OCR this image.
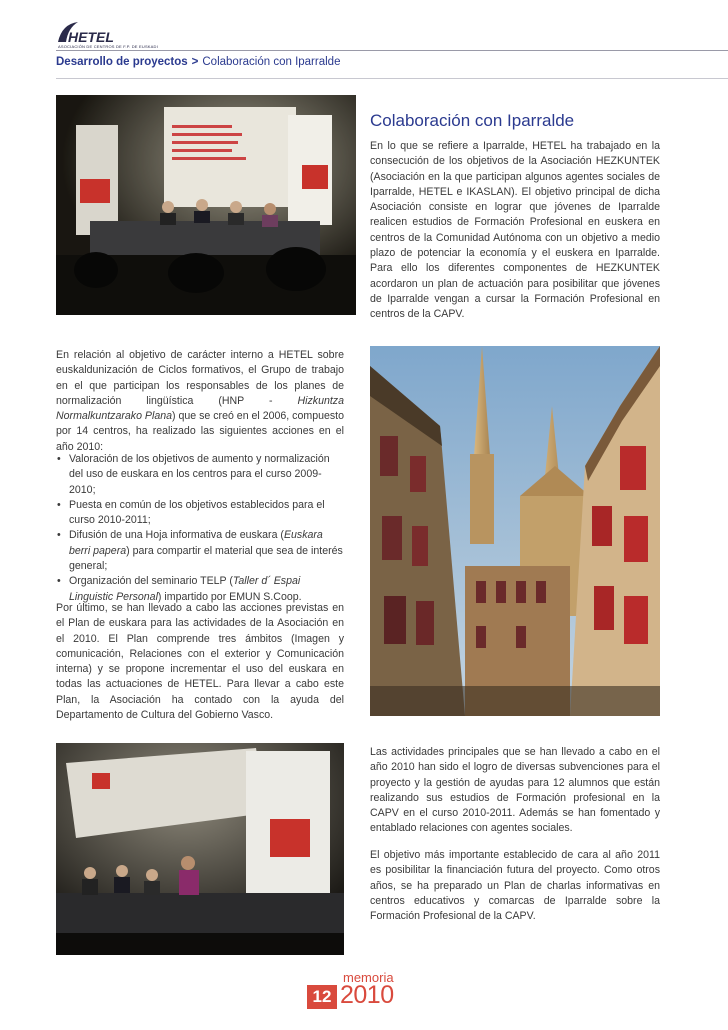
HETEL
ASOCIACIÓN DE CENTROS DE F.P. DE EUSKADI
Desarrollo de proyectos > Colaboración con Iparralde
Colaboración con Iparralde
En lo que se refiere a Iparralde, HETEL ha trabajado en la consecución de los objetivos de la Asociación HEZKUNTEK (Asociación en la que participan algunos agentes sociales de Iparralde, HETEL e IKASLAN). El objetivo principal de dicha Asociación consiste en lograr que jóvenes de Iparralde realicen estudios de Formación Profesional en euskera en centros de la Comunidad Autónoma con un objetivo a medio plazo de potenciar la economía y el euskera en Iparralde. Para ello los diferentes componentes de HEZKUNTEK acordaron un plan de actuación para posibilitar que jóvenes de Iparralde vengan a cursar la Formación Profesional en centros de la CAPV.
En relación al objetivo de carácter interno a HETEL sobre euskaldunización de Ciclos formativos, el Grupo de trabajo en el que participan los responsables de los planes de normalización lingüística (HNP - Hizkuntza Normalkuntzarako Plana) que se creó en el 2006, compuesto por 14 centros, ha realizado las siguientes acciones en el año 2010:
• Valoración de los objetivos de aumento y normalización del uso de euskara en los centros para el curso 2009-2010;
• Puesta en común de los objetivos establecidos para el curso 2010-2011;
• Difusión de una Hoja informativa de euskara (Euskara berri papera) para compartir el material que sea de interés general;
• Organización del seminario TELP (Taller d´ Espai Linguistic Personal) impartido por EMUN S.Coop.
Por último, se han llevado a cabo las acciones previstas en el Plan de euskara para las actividades de la Asociación en el 2010. El Plan comprende tres ámbitos (Imagen y comunicación, Relaciones con el exterior y Comunicación interna) y se propone incrementar el uso del euskara en todas las actuaciones de HETEL. Para llevar a cabo este Plan, la Asociación ha contado con la ayuda del Departamento de Cultura del Gobierno Vasco.
Las actividades principales que se han llevado a cabo en el año 2010 han sido el logro de diversas subvenciones para el proyecto y la gestión de ayudas para 12 alumnos que están realizando sus estudios de Formación profesional en la CAPV en el curso 2010-2011. Además se han fomentado y entablado relaciones con agentes sociales.
El objetivo más importante establecido de cara al año 2011 es posibilitar la financiación futura del proyecto. Como otros años, se ha preparado un Plan de charlas informativas en centros educativos y comarcas de Iparralde sobre la Formación Profesional de la CAPV.
12
memoria
2010
